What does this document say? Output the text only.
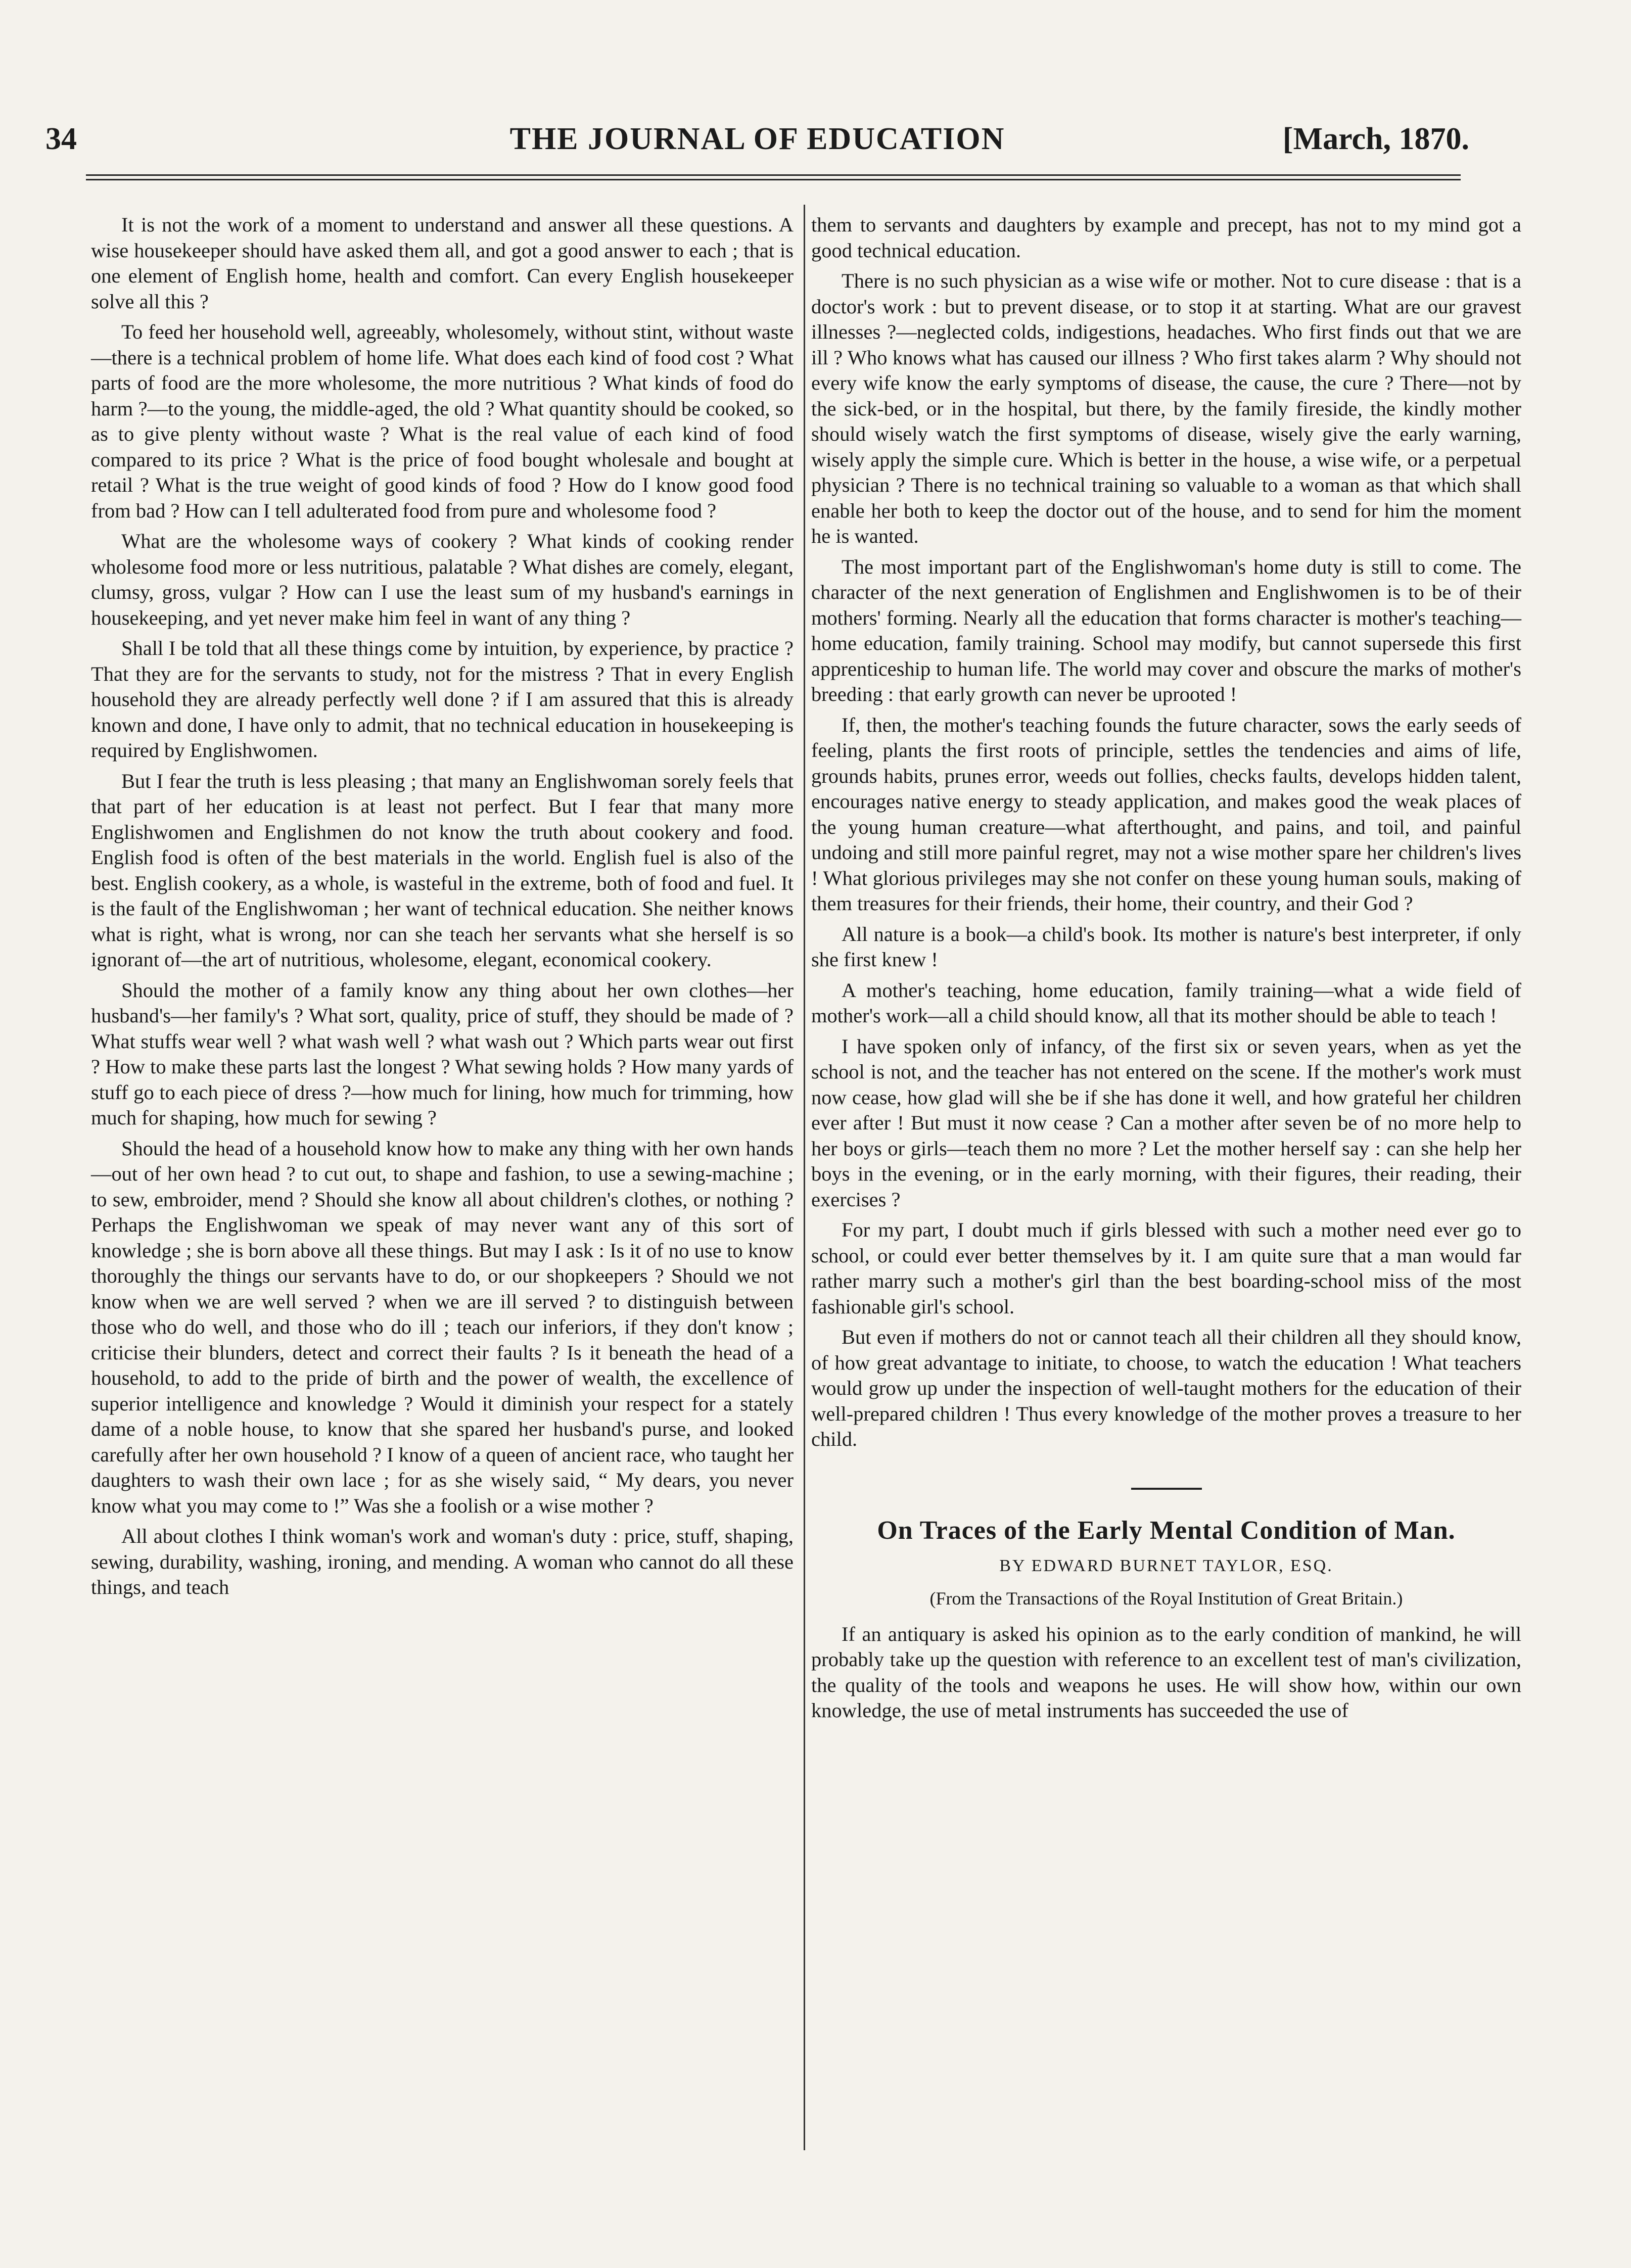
34	THE JOURNAL OF EDUCATION	[March, 1870.

It is not the work of a moment to understand and answer all these questions. A wise housekeeper should have asked them all, and got a good answer to each ; that is one element of English home, health and comfort. Can every English housekeeper solve all this ?

To feed her household well, agreeably, wholesomely, without stint, without waste—there is a technical problem of home life. What does each kind of food cost ? What parts of food are the more wholesome, the more nutritious ? What kinds of food do harm ?—to the young, the middle-aged, the old ? What quantity should be cooked, so as to give plenty without waste ? What is the real value of each kind of food compared to its price ? What is the price of food bought wholesale and bought at retail ? What is the true weight of good kinds of food ? How do I know good food from bad ? How can I tell adulterated food from pure and wholesome food ?

What are the wholesome ways of cookery ? What kinds of cooking render wholesome food more or less nutritious, palatable ? What dishes are comely, elegant, clumsy, gross, vulgar ? How can I use the least sum of my husband's earnings in housekeeping, and yet never make him feel in want of any thing ?

Shall I be told that all these things come by intuition, by experience, by practice ? That they are for the servants to study, not for the mistress ? That in every English household they are already perfectly well done ? if I am assured that this is already known and done, I have only to admit, that no technical education in housekeeping is required by Englishwomen.

But I fear the truth is less pleasing ; that many an Englishwoman sorely feels that that part of her education is at least not perfect. But I fear that many more Englishwomen and Englishmen do not know the truth about cookery and food. English food is often of the best materials in the world. English fuel is also of the best. English cookery, as a whole, is wasteful in the extreme, both of food and fuel. It is the fault of the Englishwoman ; her want of technical education. She neither knows what is right, what is wrong, nor can she teach her servants what she herself is so ignorant of—the art of nutritious, wholesome, elegant, economical cookery.

Should the mother of a family know any thing about her own clothes—her husband's—her family's ? What sort, quality, price of stuff, they should be made of ? What stuffs wear well ? what wash well ? what wash out ? Which parts wear out first ? How to make these parts last the longest ? What sewing holds ? How many yards of stuff go to each piece of dress ?—how much for lining, how much for trimming, how much for shaping, how much for sewing ?

Should the head of a household know how to make any thing with her own hands—out of her own head ? to cut out, to shape and fashion, to use a sewing-machine ; to sew, embroider, mend ? Should she know all about children's clothes, or nothing ? Perhaps the Englishwoman we speak of may never want any of this sort of knowledge ; she is born above all these things. But may I ask : Is it of no use to know thoroughly the things our servants have to do, or our shopkeepers ? Should we not know when we are well served ? when we are ill served ? to distinguish between those who do well, and those who do ill ; teach our inferiors, if they don't know ; criticise their blunders, detect and correct their faults ? Is it beneath the head of a household, to add to the pride of birth and the power of wealth, the excellence of superior intelligence and knowledge ? Would it diminish your respect for a stately dame of a noble house, to know that she spared her husband's purse, and looked carefully after her own household ? I know of a queen of ancient race, who taught her daughters to wash their own lace ; for as she wisely said, “ My dears, you never know what you may come to !” Was she a foolish or a wise mother ?

All about clothes I think woman's work and woman's duty : price, stuff, shaping, sewing, durability, washing, ironing, and mending. A woman who cannot do all these things, and teach

them to servants and daughters by example and precept, has not to my mind got a good technical education.

There is no such physician as a wise wife or mother. Not to cure disease : that is a doctor's work : but to prevent disease, or to stop it at starting. What are our gravest illnesses ?—neglected colds, indigestions, headaches. Who first finds out that we are ill ? Who knows what has caused our illness ? Who first takes alarm ? Why should not every wife know the early symptoms of disease, the cause, the cure ? There—not by the sick-bed, or in the hospital, but there, by the family fireside, the kindly mother should wisely watch the first symptoms of disease, wisely give the early warning, wisely apply the simple cure. Which is better in the house, a wise wife, or a perpetual physician ? There is no technical training so valuable to a woman as that which shall enable her both to keep the doctor out of the house, and to send for him the moment he is wanted.

The most important part of the Englishwoman's home duty is still to come. The character of the next generation of Englishmen and Englishwomen is to be of their mothers' forming. Nearly all the education that forms character is mother's teaching—home education, family training. School may modify, but cannot supersede this first apprenticeship to human life. The world may cover and obscure the marks of mother's breeding : that early growth can never be uprooted !

If, then, the mother's teaching founds the future character, sows the early seeds of feeling, plants the first roots of principle, settles the tendencies and aims of life, grounds habits, prunes error, weeds out follies, checks faults, develops hidden talent, encourages native energy to steady application, and makes good the weak places of the young human creature—what afterthought, and pains, and toil, and painful undoing and still more painful regret, may not a wise mother spare her children's lives ! What glorious privileges may she not confer on these young human souls, making of them treasures for their friends, their home, their country, and their God ?

All nature is a book—a child's book. Its mother is nature's best interpreter, if only she first knew !

A mother's teaching, home education, family training—what a wide field of mother's work—all a child should know, all that its mother should be able to teach !

I have spoken only of infancy, of the first six or seven years, when as yet the school is not, and the teacher has not entered on the scene. If the mother's work must now cease, how glad will she be if she has done it well, and how grateful her children ever after ! But must it now cease ? Can a mother after seven be of no more help to her boys or girls—teach them no more ? Let the mother herself say : can she help her boys in the evening, or in the early morning, with their figures, their reading, their exercises ?

For my part, I doubt much if girls blessed with such a mother need ever go to school, or could ever better themselves by it. I am quite sure that a man would far rather marry such a mother's girl than the best boarding-school miss of the most fashionable girl's school.

But even if mothers do not or cannot teach all their children all they should know, of how great advantage to initiate, to choose, to watch the education ! What teachers would grow up under the inspection of well-taught mothers for the education of their well-prepared children ! Thus every knowledge of the mother proves a treasure to her child.

On Traces of the Early Mental Condition of Man.
BY EDWARD BURNET TAYLOR, ESQ.
(From the Transactions of the Royal Institution of Great Britain.)

If an antiquary is asked his opinion as to the early condition of mankind, he will probably take up the question with reference to an excellent test of man's civilization, the quality of the tools and weapons he uses. He will show how, within our own knowledge, the use of metal instruments has succeeded the use of
